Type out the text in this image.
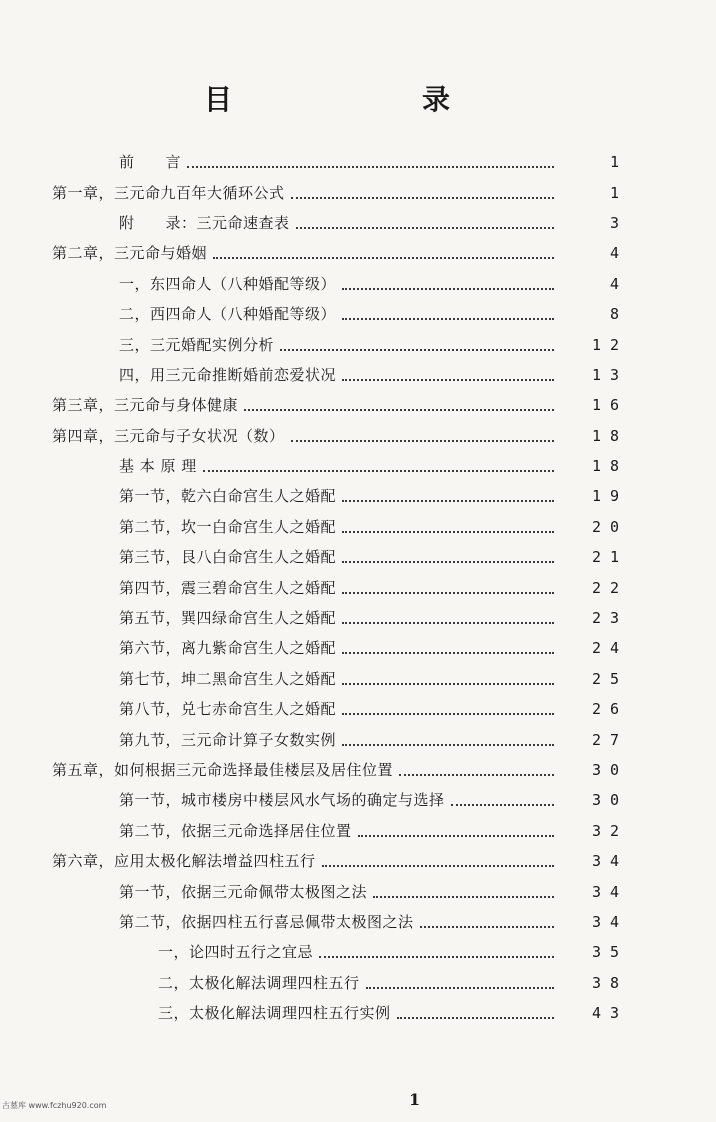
目	录
前　　言	1
第一章，三元命九百年大循环公式	1
附　　录：三元命速查表	3
第二章，三元命与婚姻	4
一，东四命人（八种婚配等级）	4
二，西四命人（八种婚配等级）	8
三，三元婚配实例分析	12
四，用三元命推断婚前恋爱状况	13
第三章，三元命与身体健康	16
第四章，三元命与子女状况（数）	18
基 本 原 理	18
第一节，乾六白命宫生人之婚配	19
第二节，坎一白命宫生人之婚配	20
第三节，艮八白命宫生人之婚配	21
第四节，震三碧命宫生人之婚配	22
第五节，巽四绿命宫生人之婚配	23
第六节，离九紫命宫生人之婚配	24
第七节，坤二黑命宫生人之婚配	25
第八节，兑七赤命宫生人之婚配	26
第九节，三元命计算子女数实例	27
第五章，如何根据三元命选择最佳楼层及居住位置	30
第一节，城市楼房中楼层风水气场的确定与选择	30
第二节，依据三元命选择居住位置	32
第六章，应用太极化解法增益四柱五行	34
第一节，依据三元命佩带太极图之法	34
第二节，依据四柱五行喜忌佩带太极图之法	34
一，论四时五行之宜忌	35
二，太极化解法调理四柱五行	38
三，太极化解法调理四柱五行实例	43
1
古墓库 www.fczhu920.com
